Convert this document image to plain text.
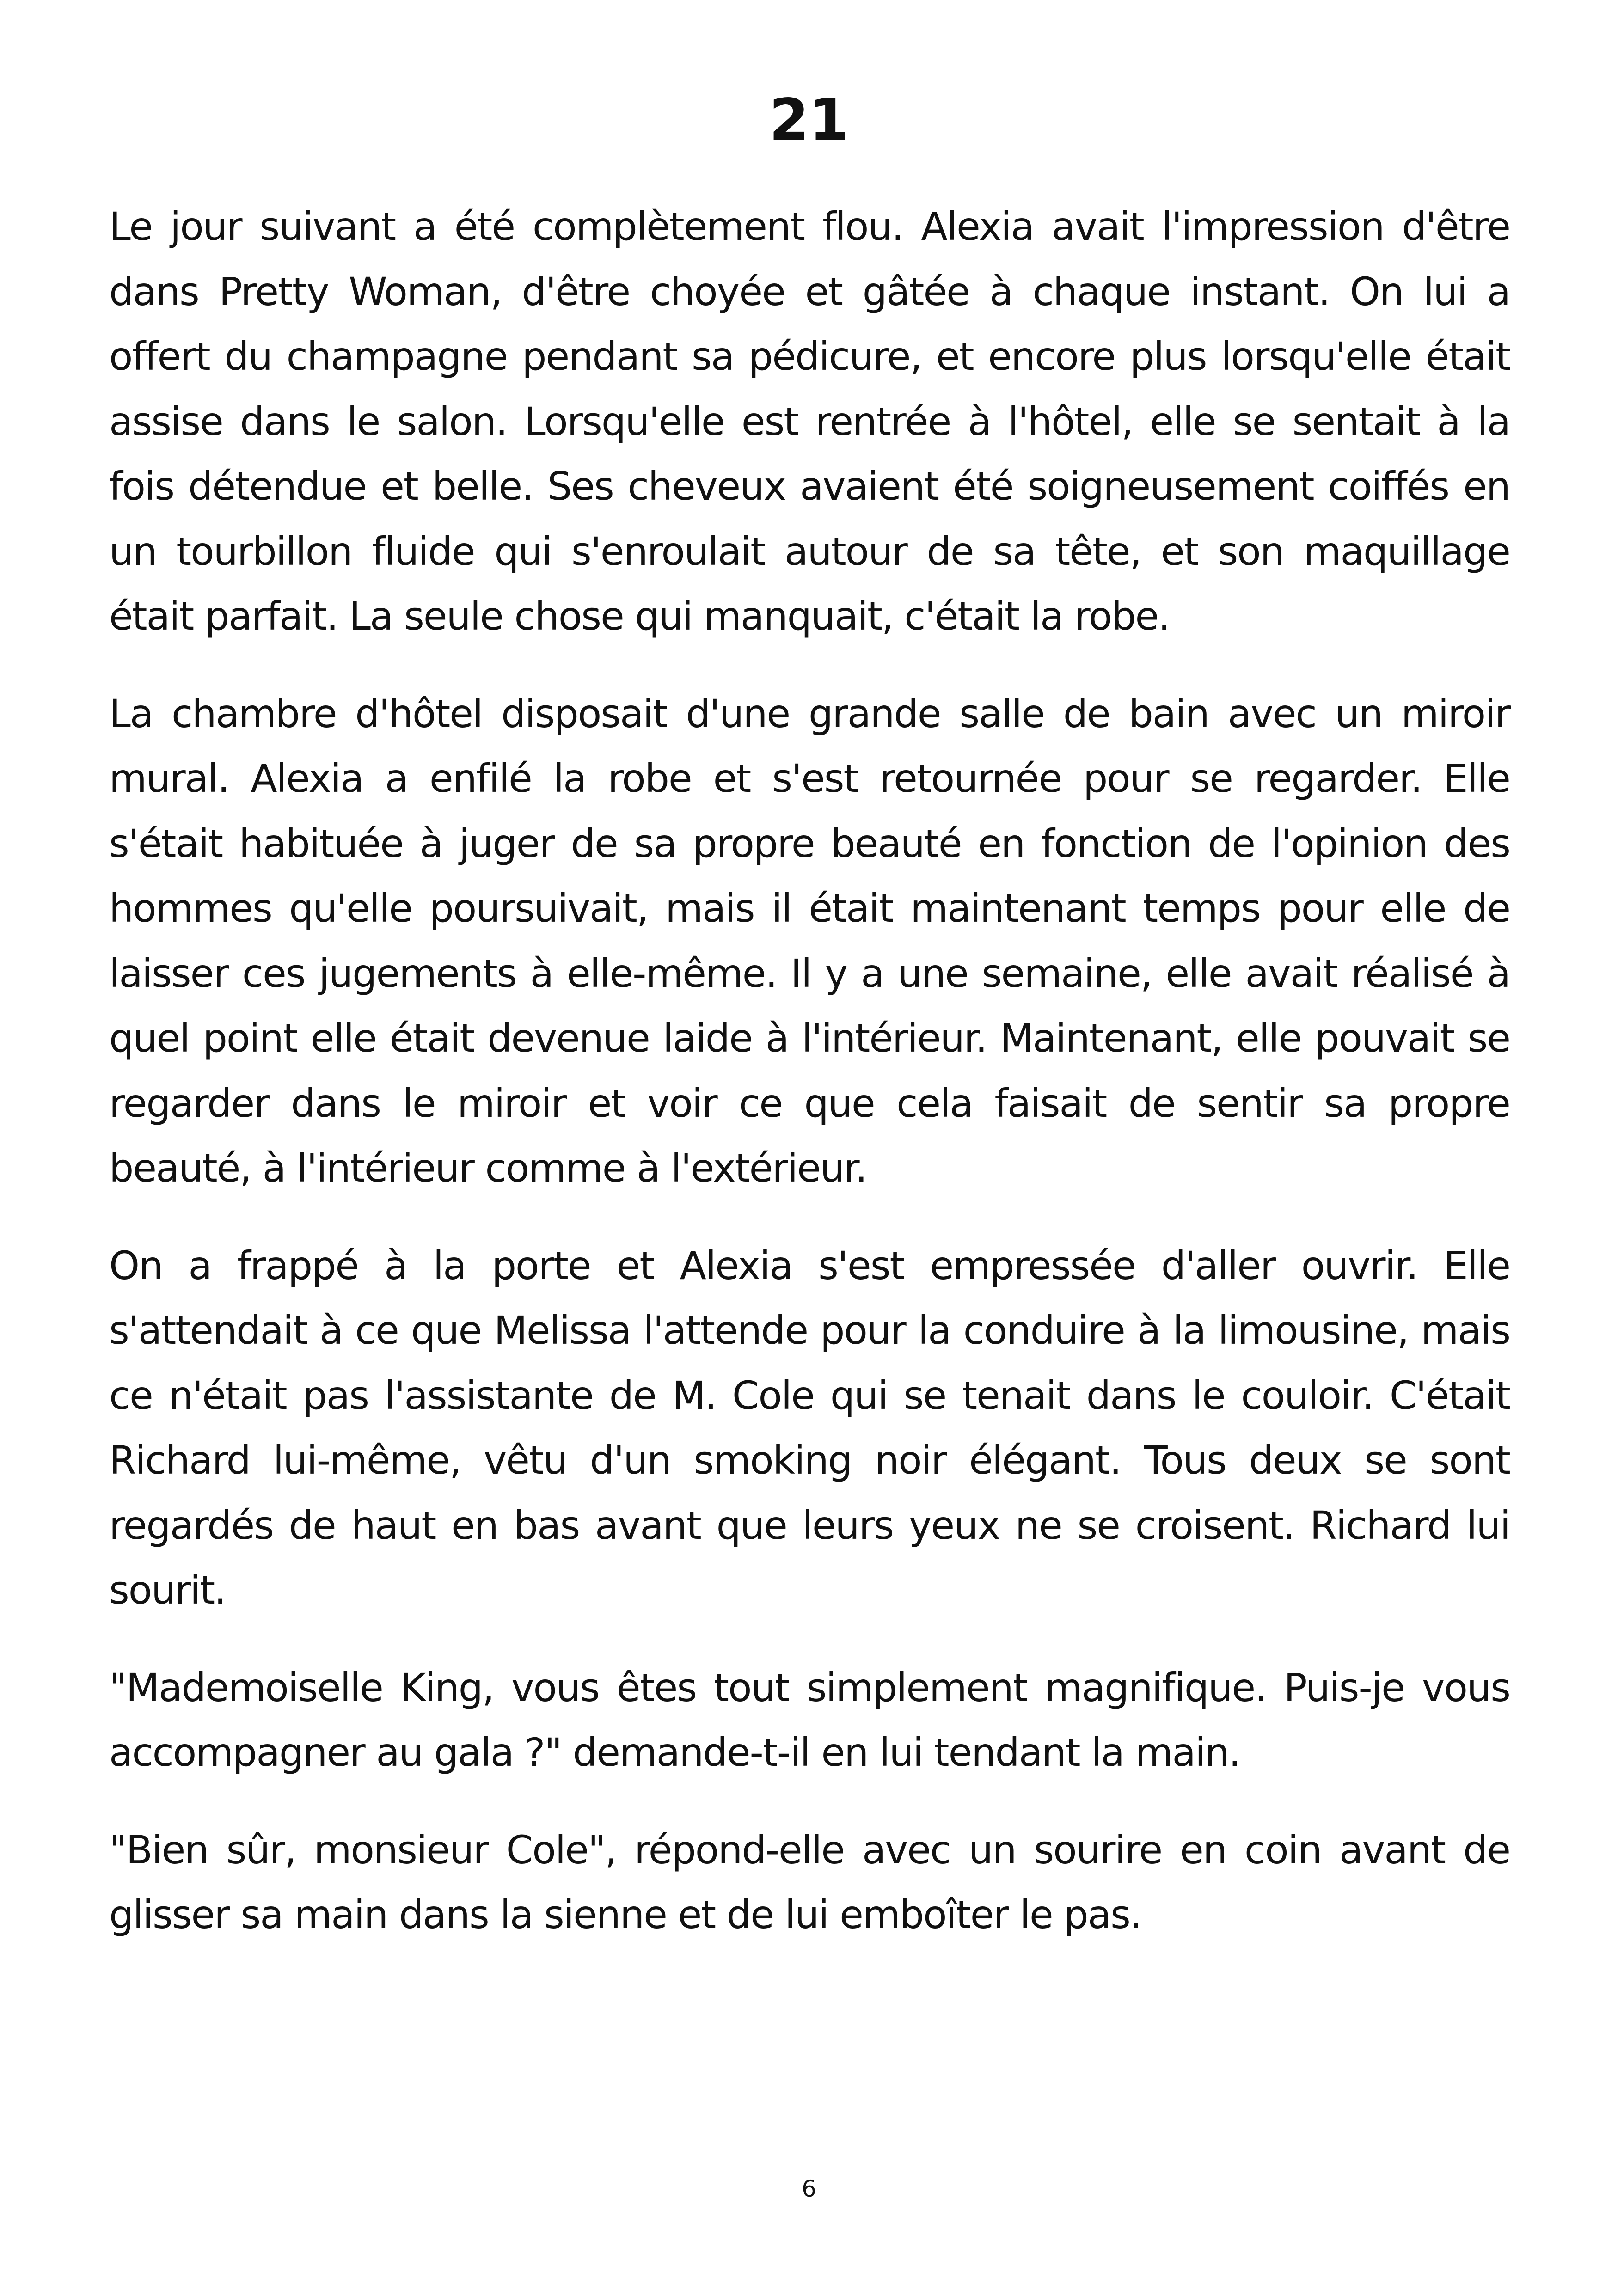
21

Le jour suivant a été complètement flou. Alexia avait l'impression d'être dans Pretty Woman, d'être choyée et gâtée à chaque instant. On lui a offert du champagne pendant sa pédicure, et encore plus lorsqu'elle était assise dans le salon. Lorsqu'elle est rentrée à l'hôtel, elle se sentait à la fois détendue et belle. Ses cheveux avaient été soigneusement coiffés en un tourbillon fluide qui s'enroulait autour de sa tête, et son maquillage était parfait. La seule chose qui manquait, c'était la robe.

La chambre d'hôtel disposait d'une grande salle de bain avec un miroir mural. Alexia a enfilé la robe et s'est retournée pour se regarder. Elle s'était habituée à juger de sa propre beauté en fonction de l'opinion des hommes qu'elle poursuivait, mais il était maintenant temps pour elle de laisser ces jugements à elle-même. Il y a une semaine, elle avait réalisé à quel point elle était devenue laide à l'intérieur. Maintenant, elle pouvait se regarder dans le miroir et voir ce que cela faisait de sentir sa propre beauté, à l'intérieur comme à l'extérieur.

On a frappé à la porte et Alexia s'est empressée d'aller ouvrir. Elle s'attendait à ce que Melissa l'attende pour la conduire à la limousine, mais ce n'était pas l'assistante de M. Cole qui se tenait dans le couloir. C'était Richard lui-même, vêtu d'un smoking noir élégant. Tous deux se sont regardés de haut en bas avant que leurs yeux ne se croisent. Richard lui sourit.

"Mademoiselle King, vous êtes tout simplement magnifique. Puis-je vous accompagner au gala ?" demande-t-il en lui tendant la main.

"Bien sûr, monsieur Cole", répond-elle avec un sourire en coin avant de glisser sa main dans la sienne et de lui emboîter le pas.

6
